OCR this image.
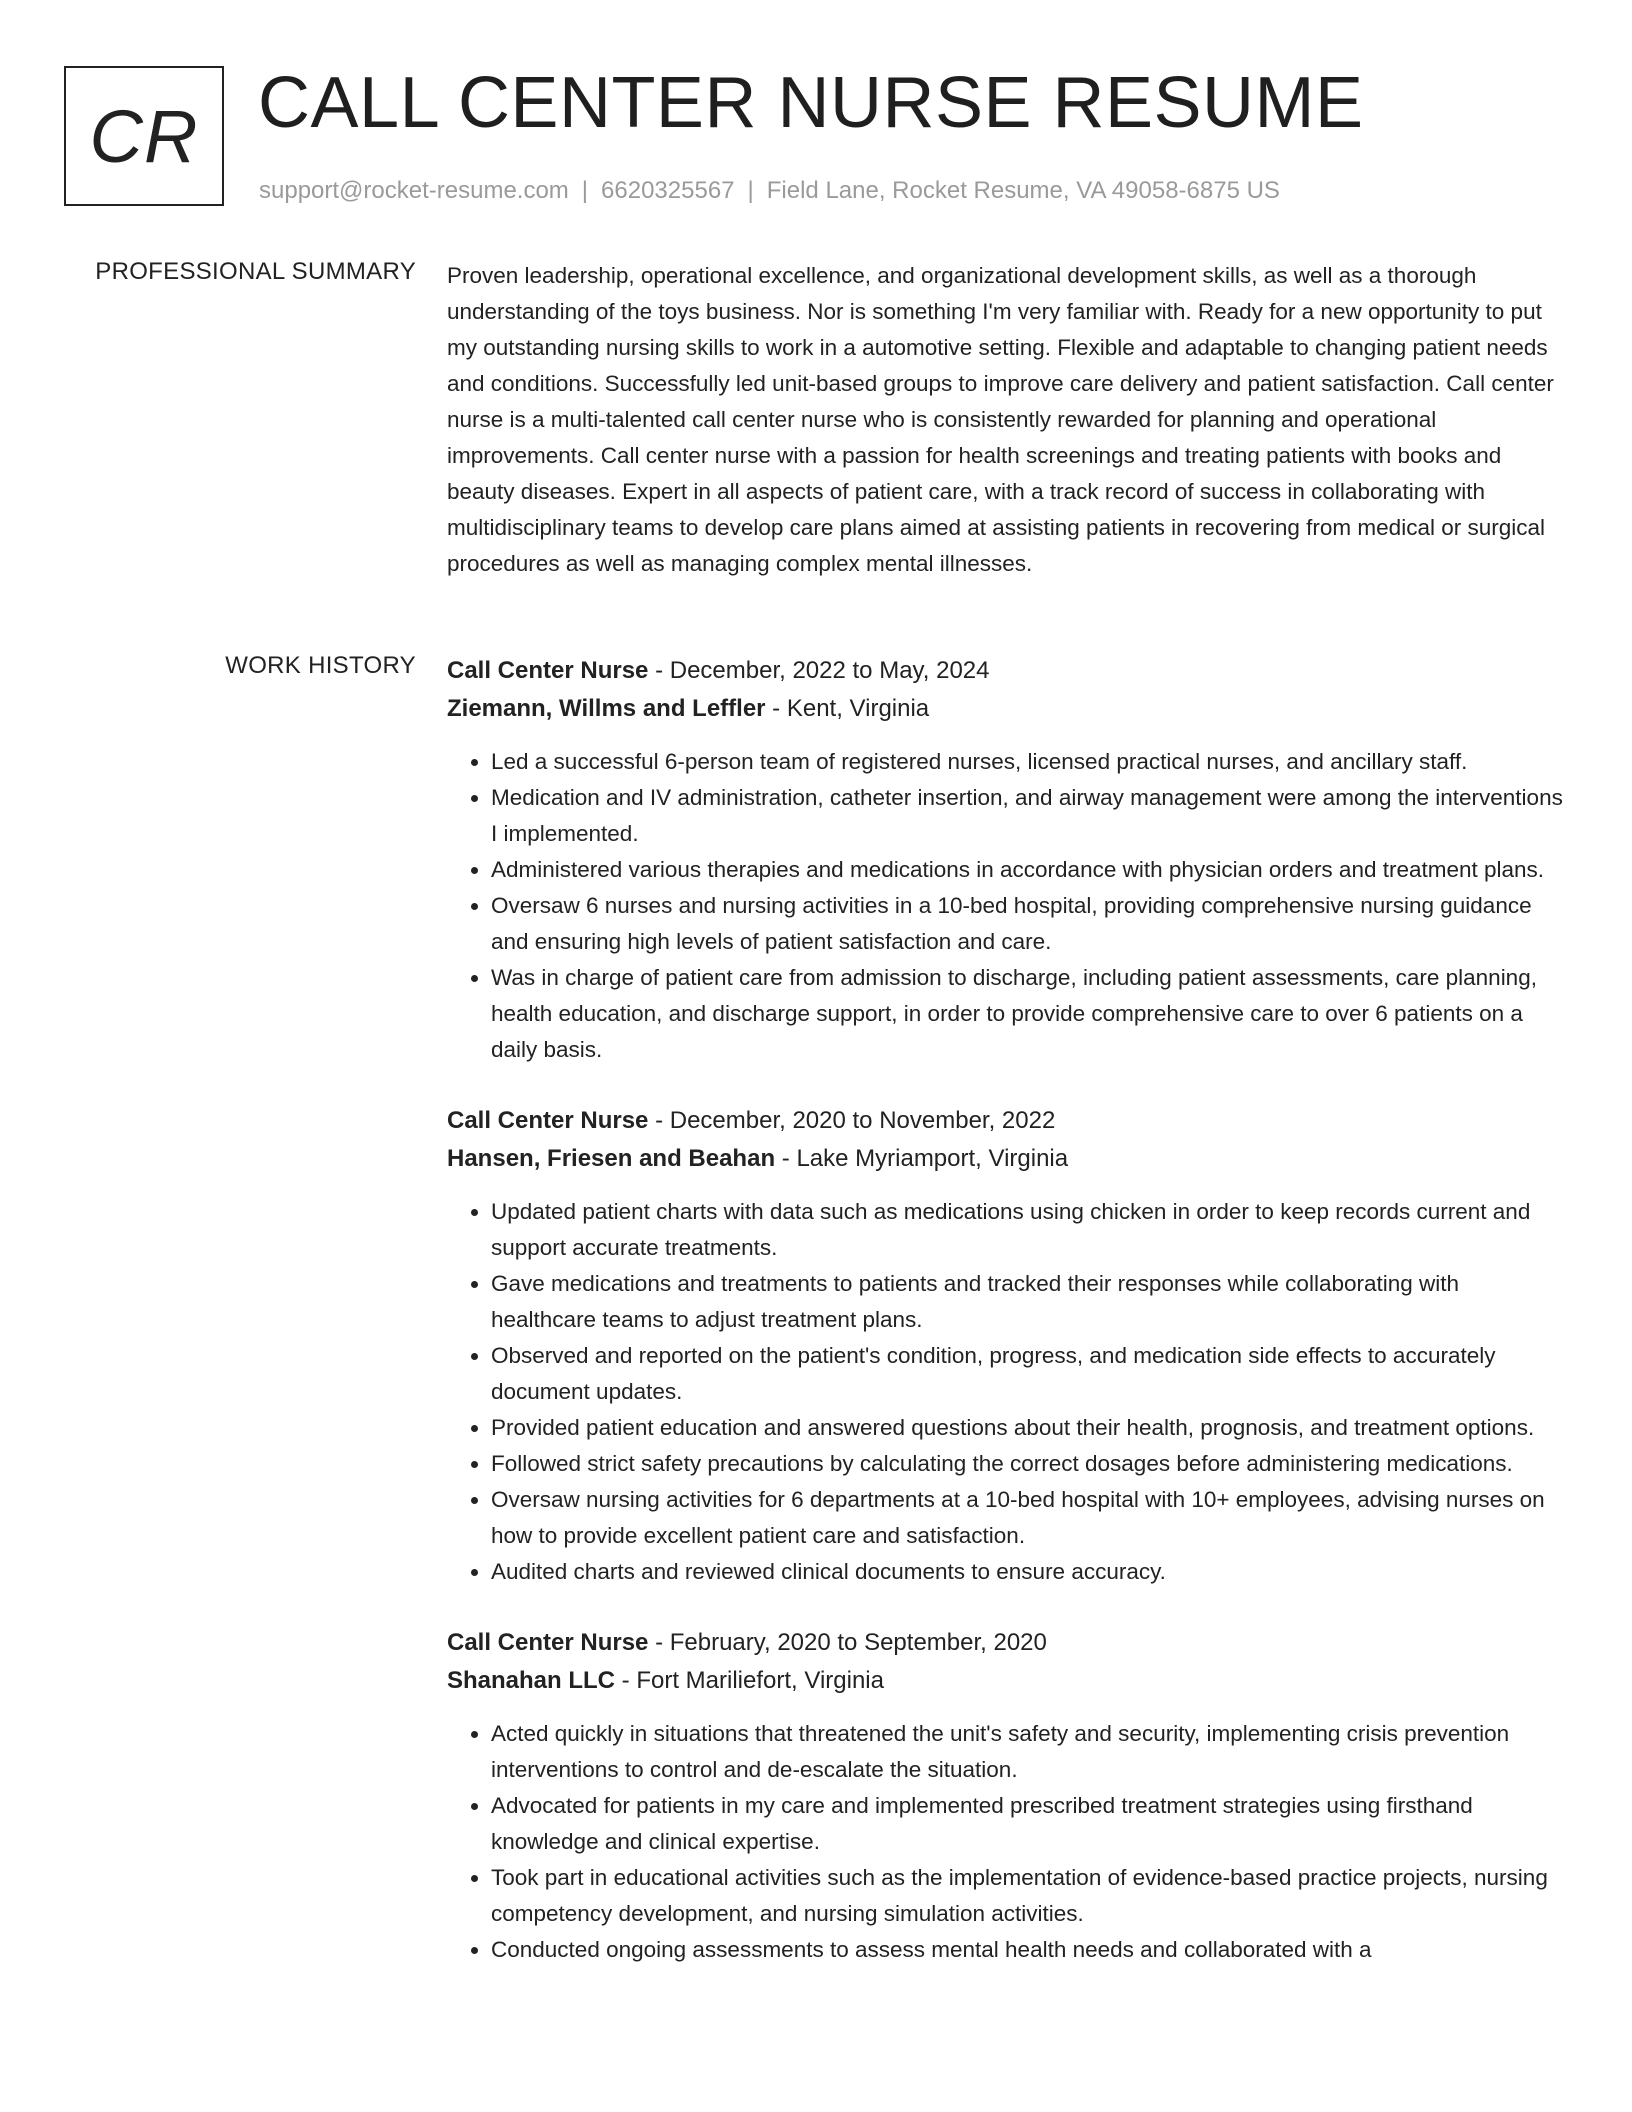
CR CALL CENTER NURSE RESUME
support@rocket-resume.com | 6620325567 | Field Lane, Rocket Resume, VA 49058-6875 US
PROFESSIONAL SUMMARY Proven leadership, operational excellence, and organizational development skills, as well as a thorough understanding of the toys business. Nor is something I'm very familiar with. Ready for a new opportunity to put my outstanding nursing skills to work in a automotive setting. Flexible and adaptable to changing patient needs and conditions. Successfully led unit-based groups to improve care delivery and patient satisfaction. Call center nurse is a multi-talented call center nurse who is consistently rewarded for planning and operational improvements. Call center nurse with a passion for health screenings and treating patients with books and beauty diseases. Expert in all aspects of patient care, with a track record of success in collaborating with multidisciplinary teams to develop care plans aimed at assisting patients in recovering from medical or surgical procedures as well as managing complex mental illnesses.

WORK HISTORY Call Center Nurse - December, 2022 to May, 2024
Ziemann, Willms and Leffler - Kent, Virginia
• Led a successful 6-person team of registered nurses, licensed practical nurses, and ancillary staff.
• Medication and IV administration, catheter insertion, and airway management were among the interventions I implemented.
• Administered various therapies and medications in accordance with physician orders and treatment plans.
• Oversaw 6 nurses and nursing activities in a 10-bed hospital, providing comprehensive nursing guidance and ensuring high levels of patient satisfaction and care.
• Was in charge of patient care from admission to discharge, including patient assessments, care planning, health education, and discharge support, in order to provide comprehensive care to over 6 patients on a daily basis.
Call Center Nurse - December, 2020 to November, 2022
Hansen, Friesen and Beahan - Lake Myriamport, Virginia
• Updated patient charts with data such as medications using chicken in order to keep records current and support accurate treatments.
• Gave medications and treatments to patients and tracked their responses while collaborating with healthcare teams to adjust treatment plans.
• Observed and reported on the patient's condition, progress, and medication side effects to accurately document updates.
• Provided patient education and answered questions about their health, prognosis, and treatment options.
• Followed strict safety precautions by calculating the correct dosages before administering medications.
• Oversaw nursing activities for 6 departments at a 10-bed hospital with 10+ employees, advising nurses on how to provide excellent patient care and satisfaction.
• Audited charts and reviewed clinical documents to ensure accuracy.
Call Center Nurse - February, 2020 to September, 2020
Shanahan LLC - Fort Mariliefort, Virginia
• Acted quickly in situations that threatened the unit's safety and security, implementing crisis prevention interventions to control and de-escalate the situation.
• Advocated for patients in my care and implemented prescribed treatment strategies using firsthand knowledge and clinical expertise.
• Took part in educational activities such as the implementation of evidence-based practice projects, nursing competency development, and nursing simulation activities.
• Conducted ongoing assessments to assess mental health needs and collaborated with a
